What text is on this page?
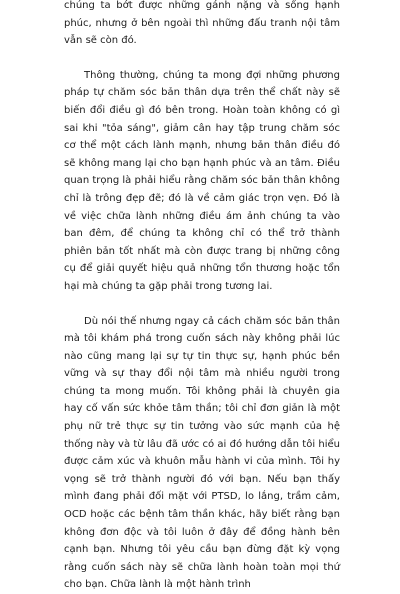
chúng ta bớt được những gánh nặng và sống hạnh phúc, nhưng ở bên ngoài thì những đấu tranh nội tâm vẫn sẽ còn đó.

Thông thường, chúng ta mong đợi những phương pháp tự chăm sóc bản thân dựa trên thể chất này sẽ biến đổi điều gì đó bên trong. Hoàn toàn không có gì sai khi "tỏa sáng", giảm cân hay tập trung chăm sóc cơ thể một cách lành mạnh, nhưng bản thân điều đó sẽ không mang lại cho bạn hạnh phúc và an tâm. Điều quan trọng là phải hiểu rằng chăm sóc bản thân không chỉ là trông đẹp đẽ; đó là về cảm giác trọn vẹn. Đó là về việc chữa lành những điều ám ảnh chúng ta vào ban đêm, để chúng ta không chỉ có thể trở thành phiên bản tốt nhất mà còn được trang bị những công cụ để giải quyết hiệu quả những tổn thương hoặc tổn hại mà chúng ta gặp phải trong tương lai.

Dù nói thế nhưng ngay cả cách chăm sóc bản thân mà tôi khám phá trong cuốn sách này không phải lúc nào cũng mang lại sự tự tin thực sự, hạnh phúc bền vững và sự thay đổi nội tâm mà nhiều người trong chúng ta mong muốn. Tôi không phải là chuyên gia hay cố vấn sức khỏe tâm thần; tôi chỉ đơn giản là một phụ nữ trẻ thực sự tin tưởng vào sức mạnh của hệ thống này và từ lâu đã ước có ai đó hướng dẫn tôi hiểu được cảm xúc và khuôn mẫu hành vi của mình. Tôi hy vọng sẽ trở thành người đó với bạn. Nếu bạn thấy mình đang phải đối mặt với PTSD, lo lắng, trầm cảm, OCD hoặc các bệnh tâm thần khác, hãy biết rằng bạn không đơn độc và tôi luôn ở đây để đồng hành bên cạnh bạn. Nhưng tôi yêu cầu bạn đừng đặt kỳ vọng rằng cuốn sách này sẽ chữa lành hoàn toàn mọi thứ cho bạn. Chữa lành là một hành trình
